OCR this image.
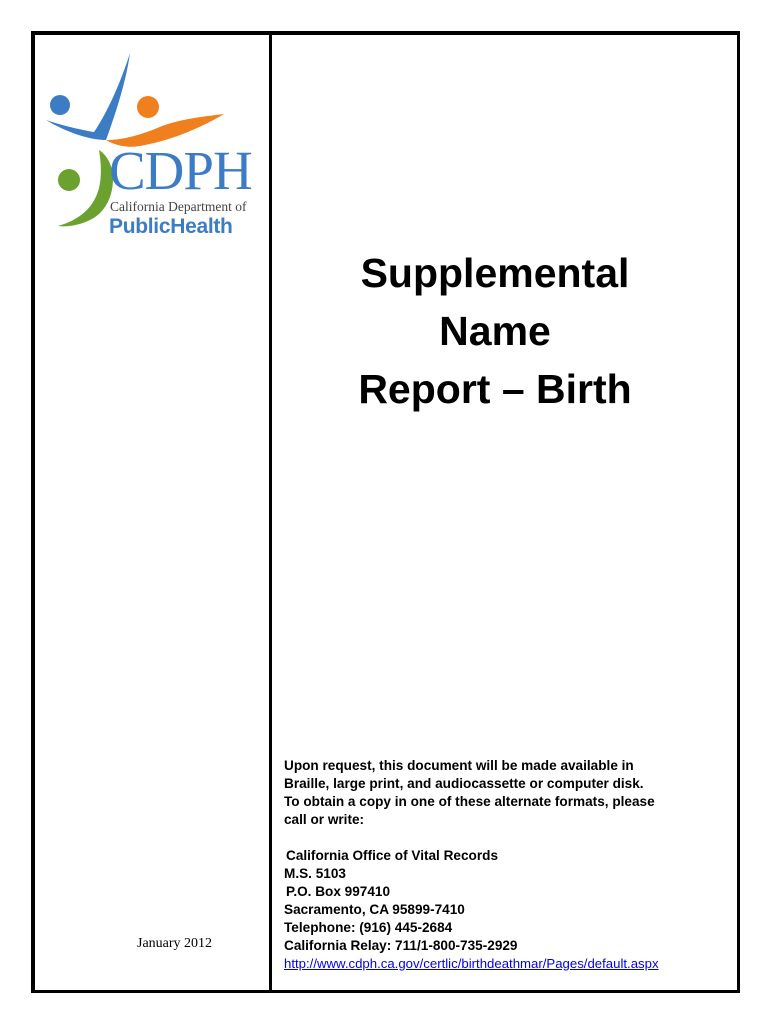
CDPH
California Department of
PublicHealth
Supplemental
Name
Report – Birth

Upon request, this document will be made available in
Braille, large print, and audiocassette or computer disk.
To obtain a copy in one of these alternate formats, please
call or write:

California Office of Vital Records
M.S. 5103
P.O. Box 997410
Sacramento, CA 95899-7410
Telephone: (916) 445-2684
California Relay: 711/1-800-735-2929
http://www.cdph.ca.gov/certlic/birthdeathmar/Pages/default.aspx
January 2012
